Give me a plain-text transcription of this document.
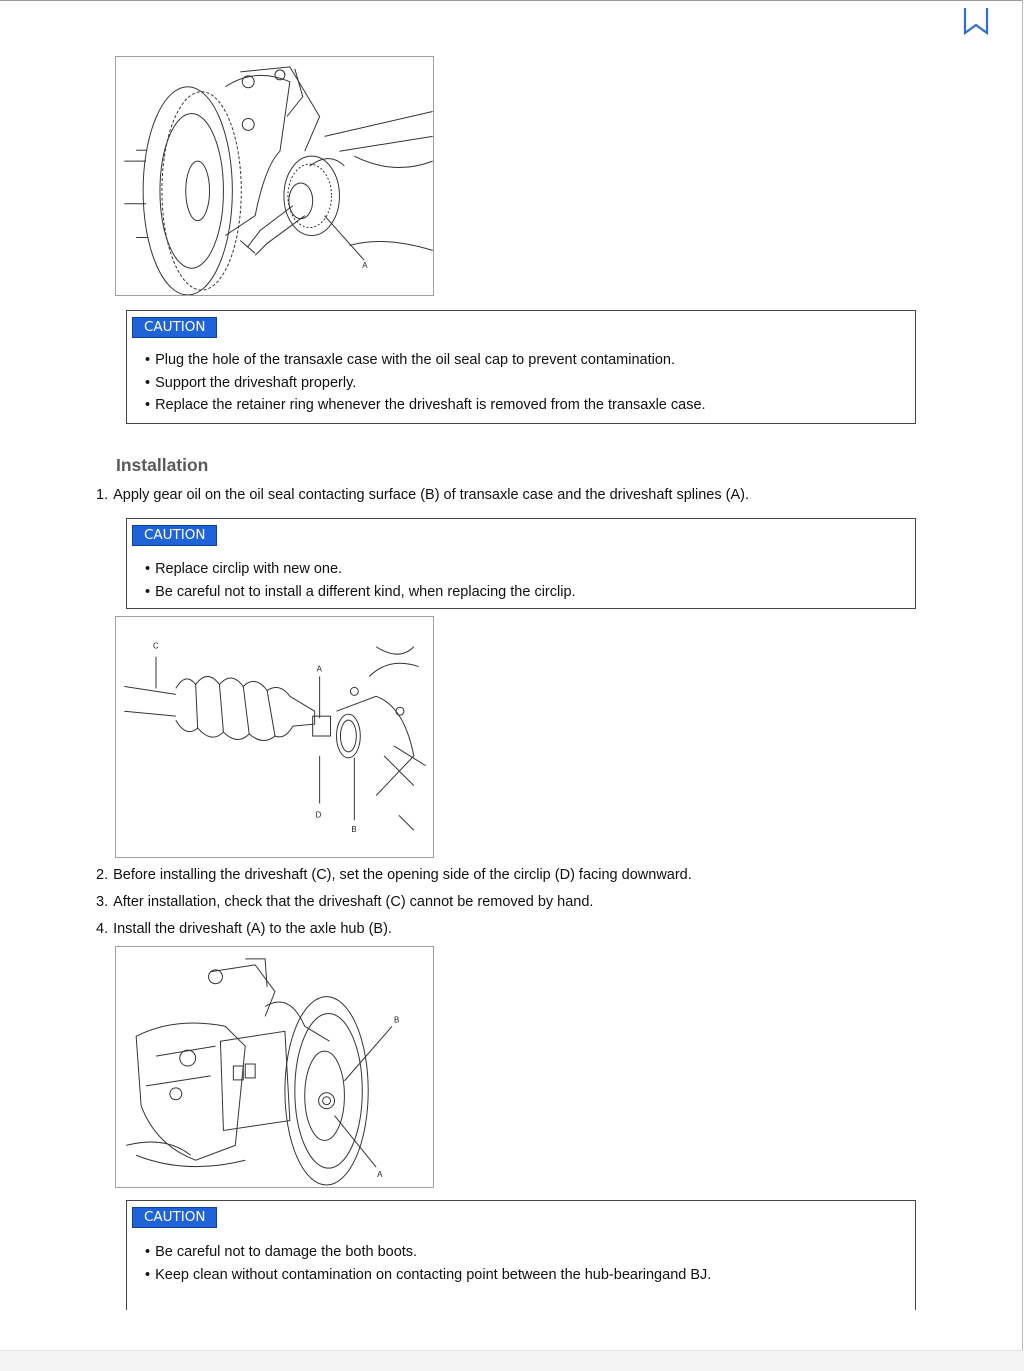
A
CAUTION
• Plug the hole of the transaxle case with the oil seal cap to prevent contamination.
• Support the driveshaft properly.
• Replace the retainer ring whenever the driveshaft is removed from the transaxle case.
Installation
1. Apply gear oil on the oil seal contacting surface (B) of transaxle case and the driveshaft splines (A).
CAUTION
• Replace circlip with new one.
• Be careful not to install a different kind, when replacing the circlip.
C
A
D
B
2. Before installing the driveshaft (C), set the opening side of the circlip (D) facing downward.
3. After installation, check that the driveshaft (C) cannot be removed by hand.
4. Install the driveshaft (A) to the axle hub (B).
B
A
CAUTION
• Be careful not to damage the both boots.
• Keep clean without contamination on contacting point between the hub-bearingand BJ.
